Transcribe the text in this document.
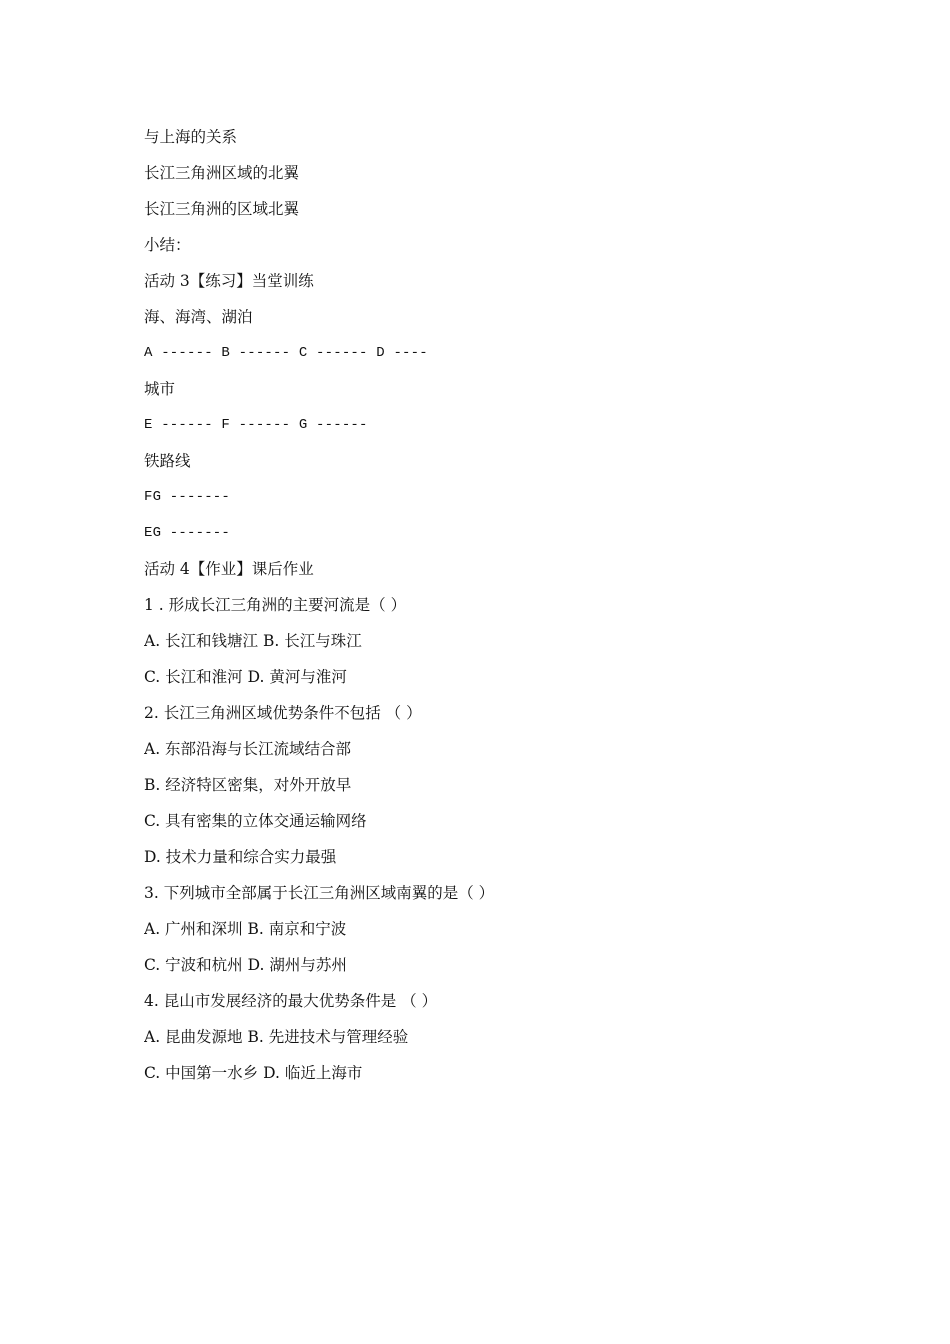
与上海的关系
长江三角洲区域的北翼
长江三角洲的区域北翼
小结：
活动 3【练习】当堂训练
海、海湾、湖泊
A ------ B ------ C ------ D ----
城市
E ------ F ------ G ------
铁路线
FG -------
EG -------
活动 4【作业】课后作业
1 . 形成长江三角洲的主要河流是（ ）
A. 长江和钱塘江 B. 长江与珠江
C. 长江和淮河 D. 黄河与淮河
2. 长江三角洲区域优势条件不包括 （ ）
A. 东部沿海与长江流域结合部
B. 经济特区密集，对外开放早
C. 具有密集的立体交通运输网络
D. 技术力量和综合实力最强
3. 下列城市全部属于长江三角洲区域南翼的是（ ）
A. 广州和深圳 B. 南京和宁波
C. 宁波和杭州 D. 湖州与苏州
4. 昆山市发展经济的最大优势条件是 （ ）
A. 昆曲发源地 B. 先进技术与管理经验
C. 中国第一水乡 D. 临近上海市
